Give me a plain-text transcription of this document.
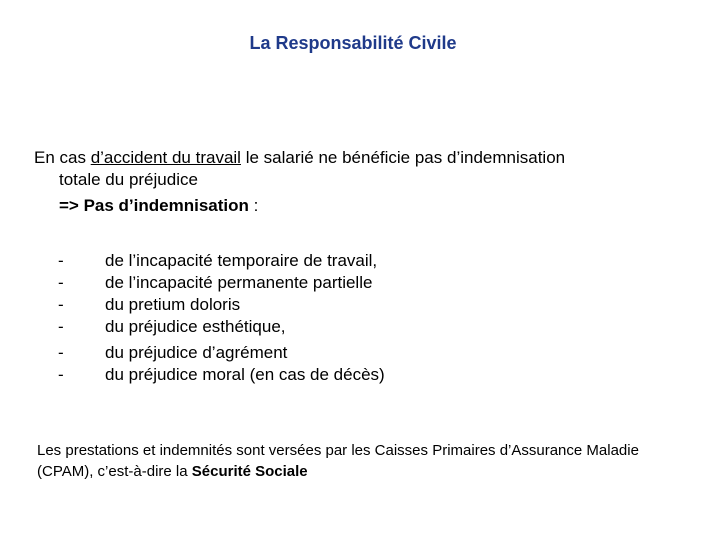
La Responsabilité Civile
En cas d’accident du travail le salarié ne bénéficie pas d’indemnisation
totale du préjudice
=> Pas d’indemnisation :
-	de l’incapacité temporaire de travail,
-	de l’incapacité permanente partielle
-	du pretium doloris
-	du préjudice esthétique,
-	du préjudice d’agrément
-	du préjudice moral (en cas de décès)
Les prestations et indemnités sont versées par les Caisses Primaires d’Assurance Maladie (CPAM), c’est-à-dire la Sécurité Sociale
